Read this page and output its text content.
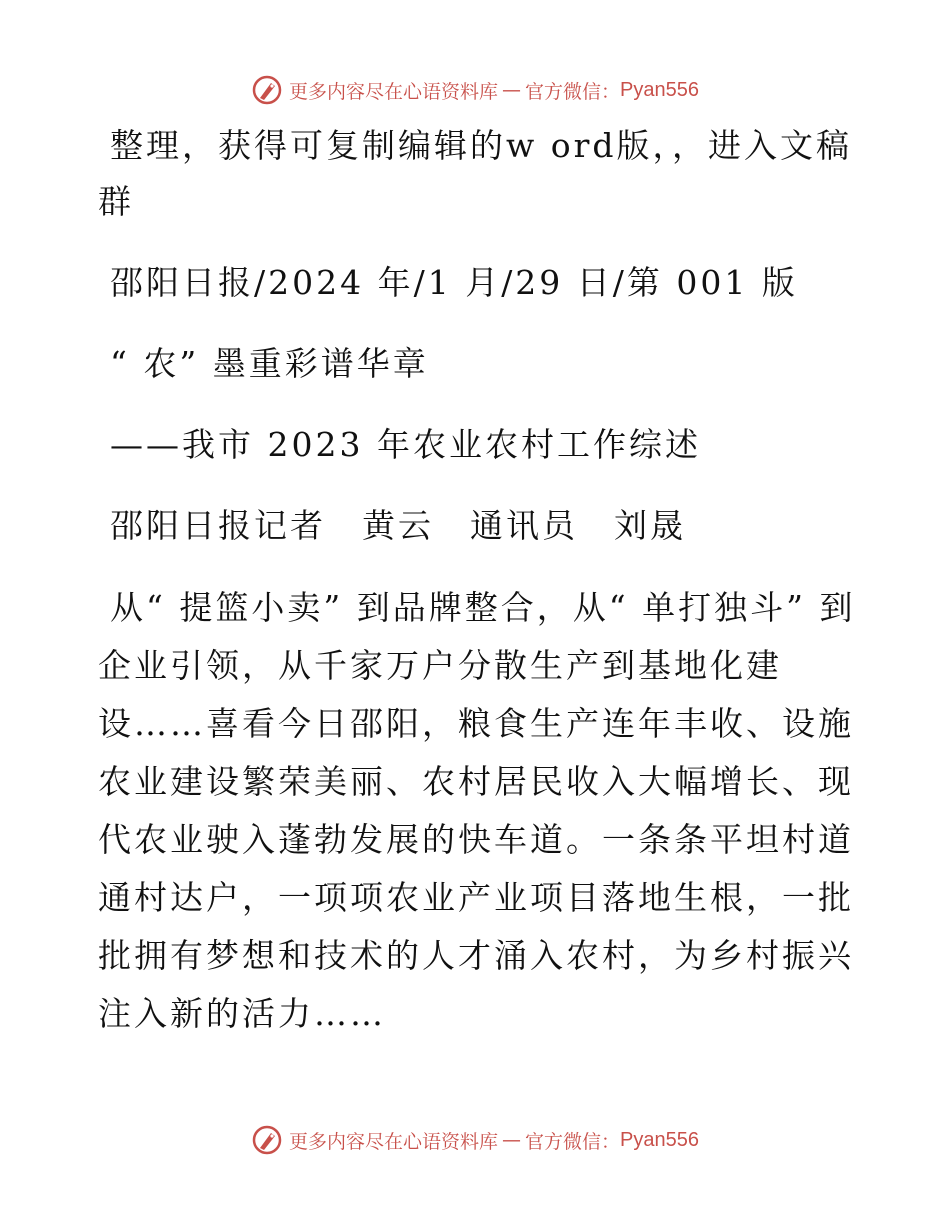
更多内容尽在心语资料库 — 官方微信： Pyan556

整理，获得可复制编辑的w ord版，，进入文稿群

邵阳日报/2024 年/1 月/29 日/第 001 版

“ 农” 墨重彩谱华章

——我市 2023 年农业农村工作综述

邵阳日报记者　黄云　通讯员　刘晟

从“ 提篮小卖” 到品牌整合，从“ 单打独斗” 到企业引领，从千家万户分散生产到基地化建设……喜看今日邵阳，粮食生产连年丰收、设施农业建设繁荣美丽、农村居民收入大幅增长、现代农业驶入蓬勃发展的快车道。一条条平坦村道通村达户，一项项农业产业项目落地生根，一批批拥有梦想和技术的人才涌入农村，为乡村振兴注入新的活力……

更多内容尽在心语资料库 — 官方微信： Pyan556
